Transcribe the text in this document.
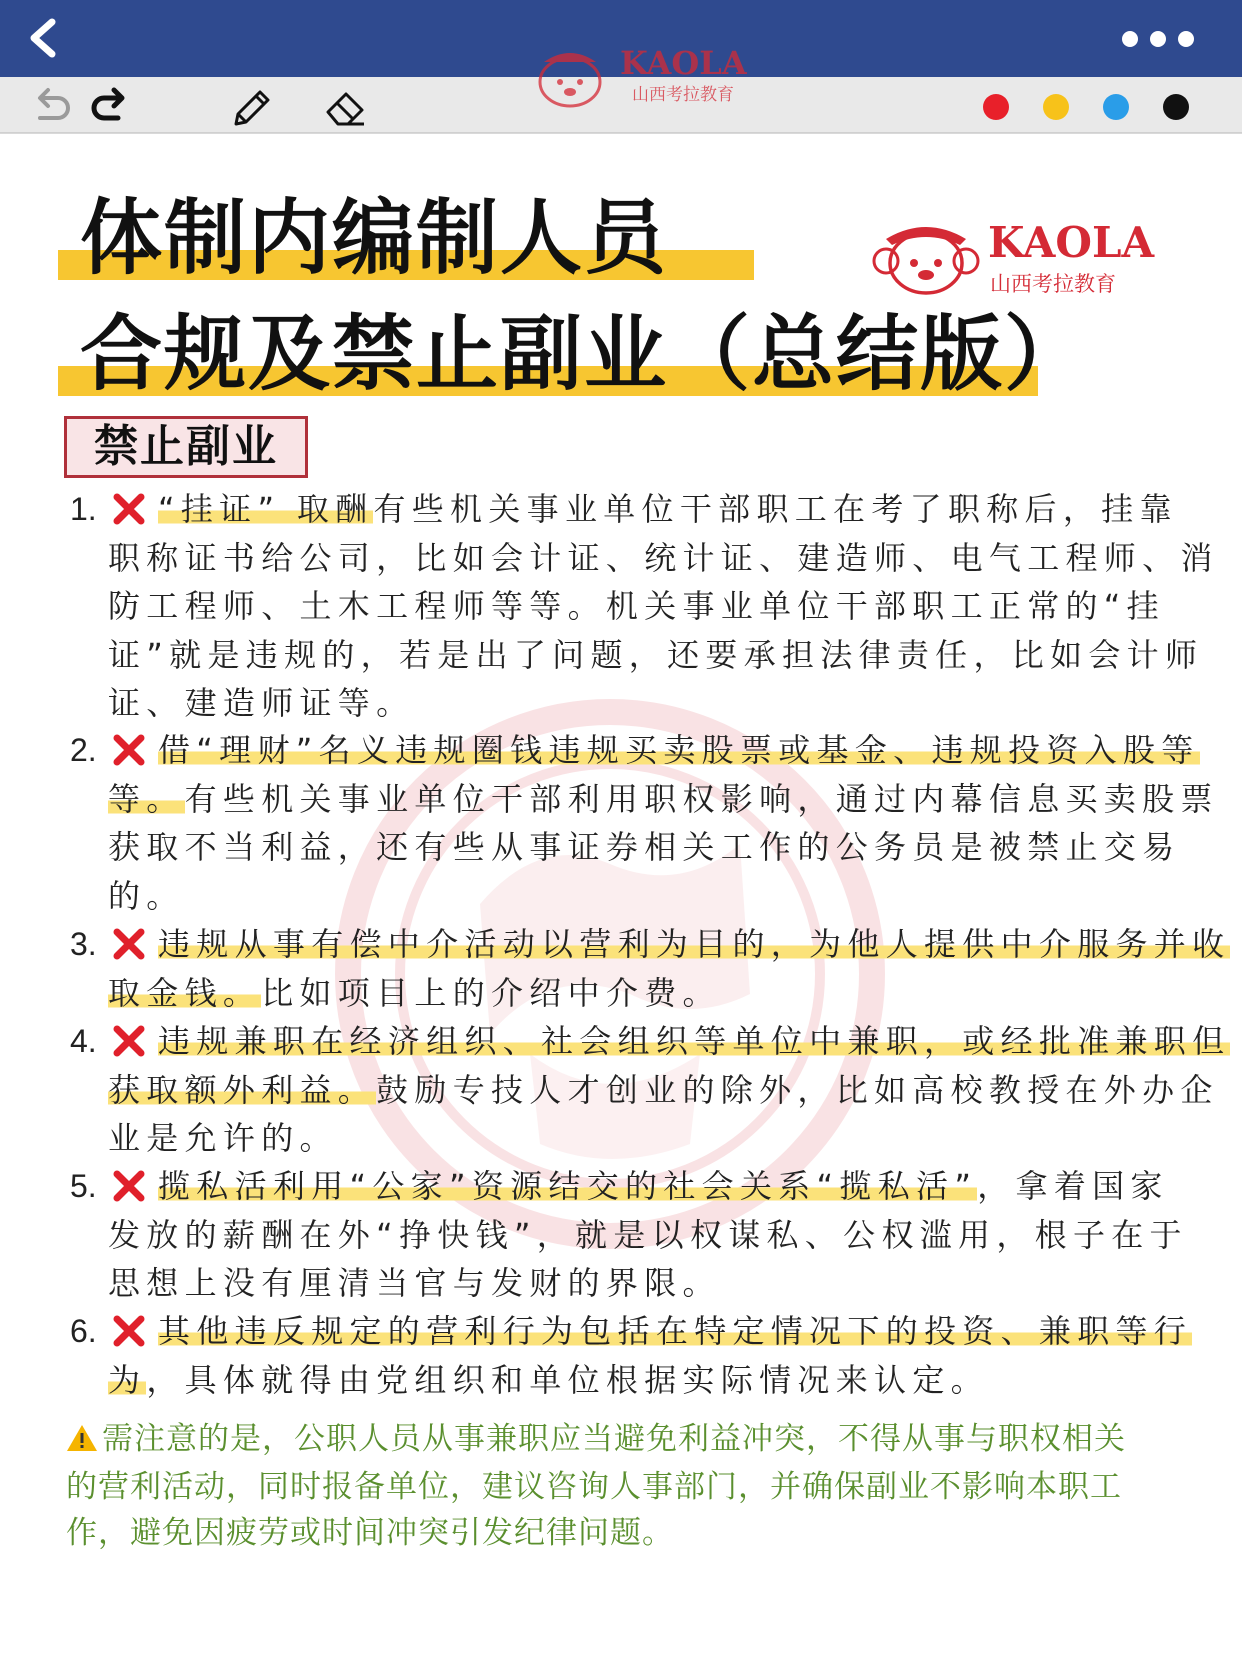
KAOLA
山西考拉教育
体制内编制人员
合规及禁止副业（总结版）
KAOLA
山西考拉教育
禁止副业
1. “挂证” 取酬有些机关事业单位干部职工在考了职称后，挂靠
职称证书给公司，比如会计证、统计证、建造师、电气工程师、消
防工程师、土木工程师等等。机关事业单位干部职工正常的“挂
证”就是违规的，若是出了问题，还要承担法律责任，比如会计师
证、建造师证等。
2. 借“理财”名义违规圈钱违规买卖股票或基金、违规投资入股等
等。有些机关事业单位干部利用职权影响，通过内幕信息买卖股票
获取不当利益，还有些从事证券相关工作的公务员是被禁止交易
的。
3. 违规从事有偿中介活动以营利为目的，为他人提供中介服务并收
取金钱。比如项目上的介绍中介费。
4. 违规兼职在经济组织、社会组织等单位中兼职，或经批准兼职但
获取额外利益。鼓励专技人才创业的除外，比如高校教授在外办企
业是允许的。
5. 揽私活利用“公家”资源结交的社会关系“揽私活”，拿着国家
发放的薪酬在外“挣快钱”，就是以权谋私、公权滥用，根子在于
思想上没有厘清当官与发财的界限。
6. 其他违反规定的营利行为包括在特定情况下的投资、兼职等行
为，具体就得由党组织和单位根据实际情况来认定。
需注意的是，公职人员从事兼职应当避免利益冲突，不得从事与职权相关
的营利活动，同时报备单位，建议咨询人事部门，并确保副业不影响本职工
作，避免因疲劳或时间冲突引发纪律问题。
